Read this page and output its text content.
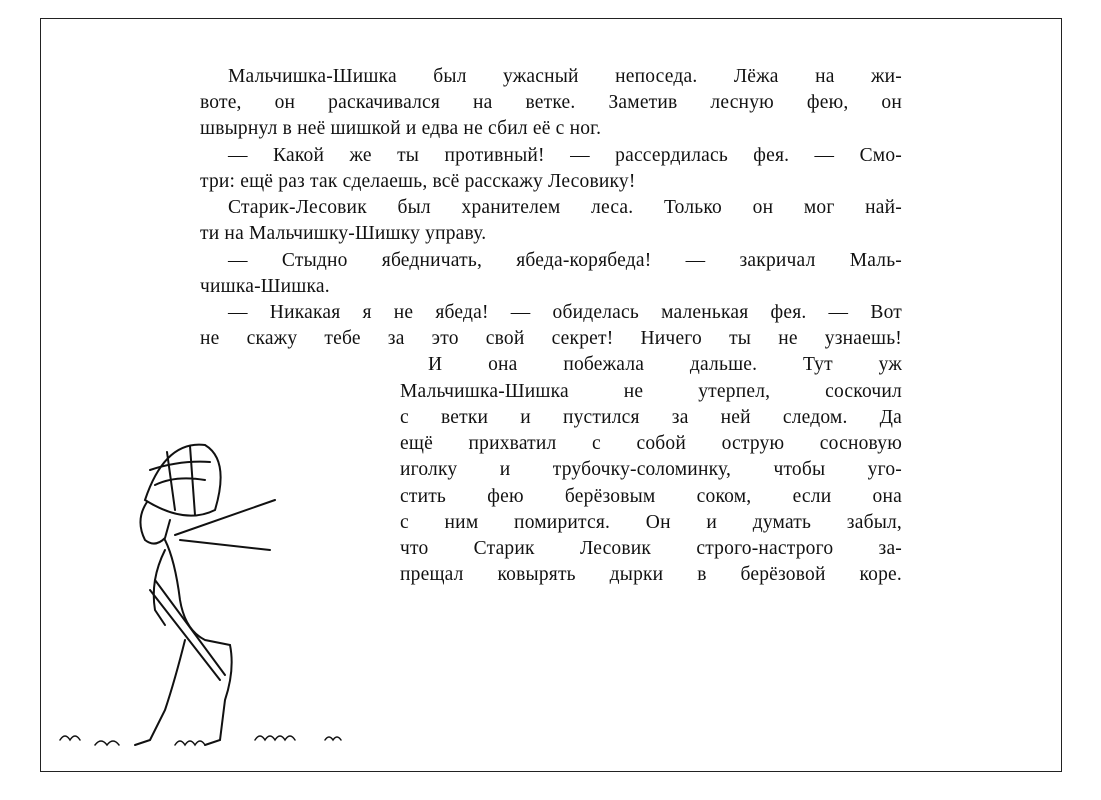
Мальчишка-Шишка был ужасный непоседа. Лёжа на жи-
воте, он раскачивался на ветке. Заметив лесную фею, он
швырнул в неё шишкой и едва не сбил её с ног.
— Какой же ты противный! — рассердилась фея. — Смо-
три: ещё раз так сделаешь, всё расскажу Лесовику!
Старик-Лесовик был хранителем леса. Только он мог най-
ти на Мальчишку-Шишку управу.
— Стыдно ябедничать, ябеда-корябеда! — закричал Маль-
чишка-Шишка.
— Никакая я не ябеда! — обиделась маленькая фея. — Вот
не скажу тебе за это свой секрет! Ничего ты не узнаешь!
И она побежала дальше. Тут уж
Мальчишка-Шишка не утерпел, соскочил
с ветки и пустился за ней следом. Да
ещё прихватил с собой острую сосновую
иголку и трубочку-соломинку, чтобы уго-
стить фею берёзовым соком, если она
с ним помирится. Он и думать забыл,
что Старик Лесовик строго-настрого за-
прещал ковырять дырки в берёзовой коре.
